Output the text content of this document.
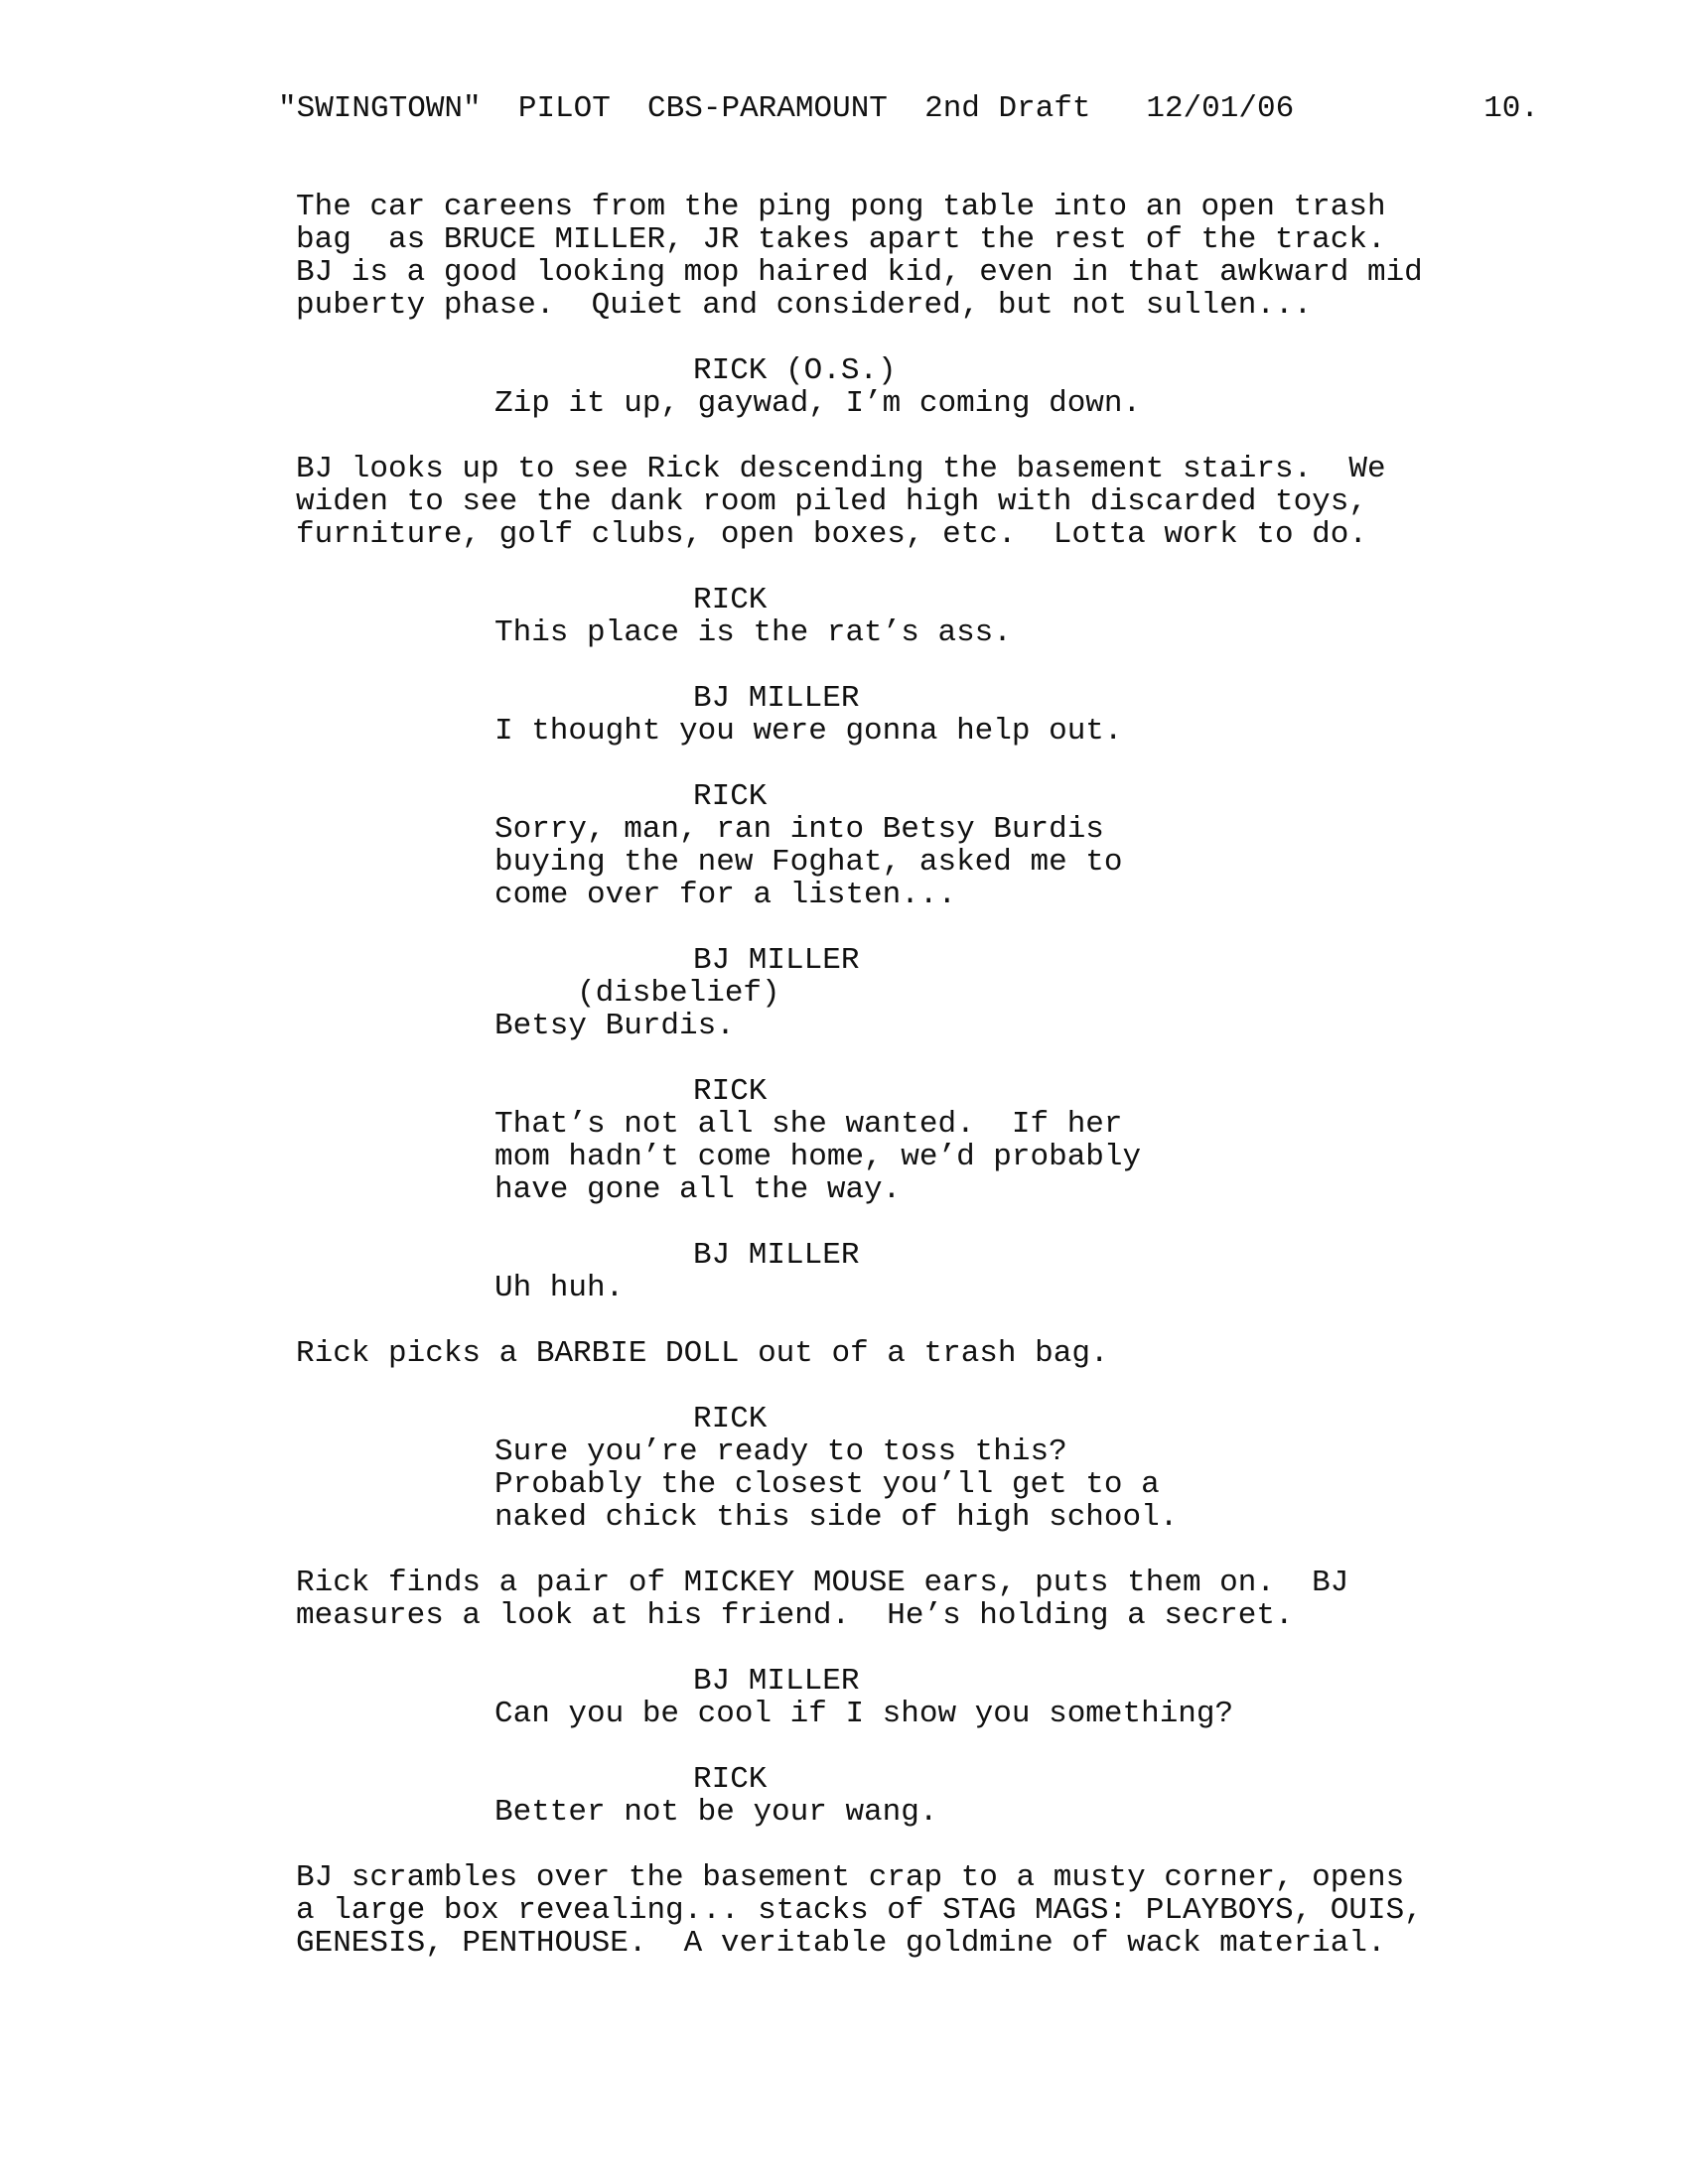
"SWINGTOWN"  PILOT  CBS-PARAMOUNT  2nd Draft   12/01/06

	10.

The car careens from the ping pong table into an open trash
bag  as BRUCE MILLER, JR takes apart the rest of the track.
BJ is a good looking mop haired kid, even in that awkward mid
puberty phase.  Quiet and considered, but not sullen...

RICK (O.S.)

Zip it up, gaywad, I’m coming down.

BJ looks up to see Rick descending the basement stairs.  We
widen to see the dank room piled high with discarded toys,
furniture, golf clubs, open boxes, etc.  Lotta work to do.

RICK

This place is the rat’s ass.

BJ MILLER

I thought you were gonna help out.

RICK

Sorry, man, ran into Betsy Burdis
buying the new Foghat, asked me to
come over for a listen...

BJ MILLER

(disbelief)

Betsy Burdis.

RICK

That’s not all she wanted.  If her
mom hadn’t come home, we’d probably
have gone all the way.

BJ MILLER

Uh huh.

Rick picks a BARBIE DOLL out of a trash bag.

RICK

Sure you’re ready to toss this?
Probably the closest you’ll get to a
naked chick this side of high school.

Rick finds a pair of MICKEY MOUSE ears, puts them on.  BJ
measures a look at his friend.  He’s holding a secret.

BJ MILLER

Can you be cool if I show you something?

RICK

Better not be your wang.

BJ scrambles over the basement crap to a musty corner, opens
a large box revealing... stacks of STAG MAGS: PLAYBOYS, OUIS,
GENESIS, PENTHOUSE.  A veritable goldmine of wack material.
